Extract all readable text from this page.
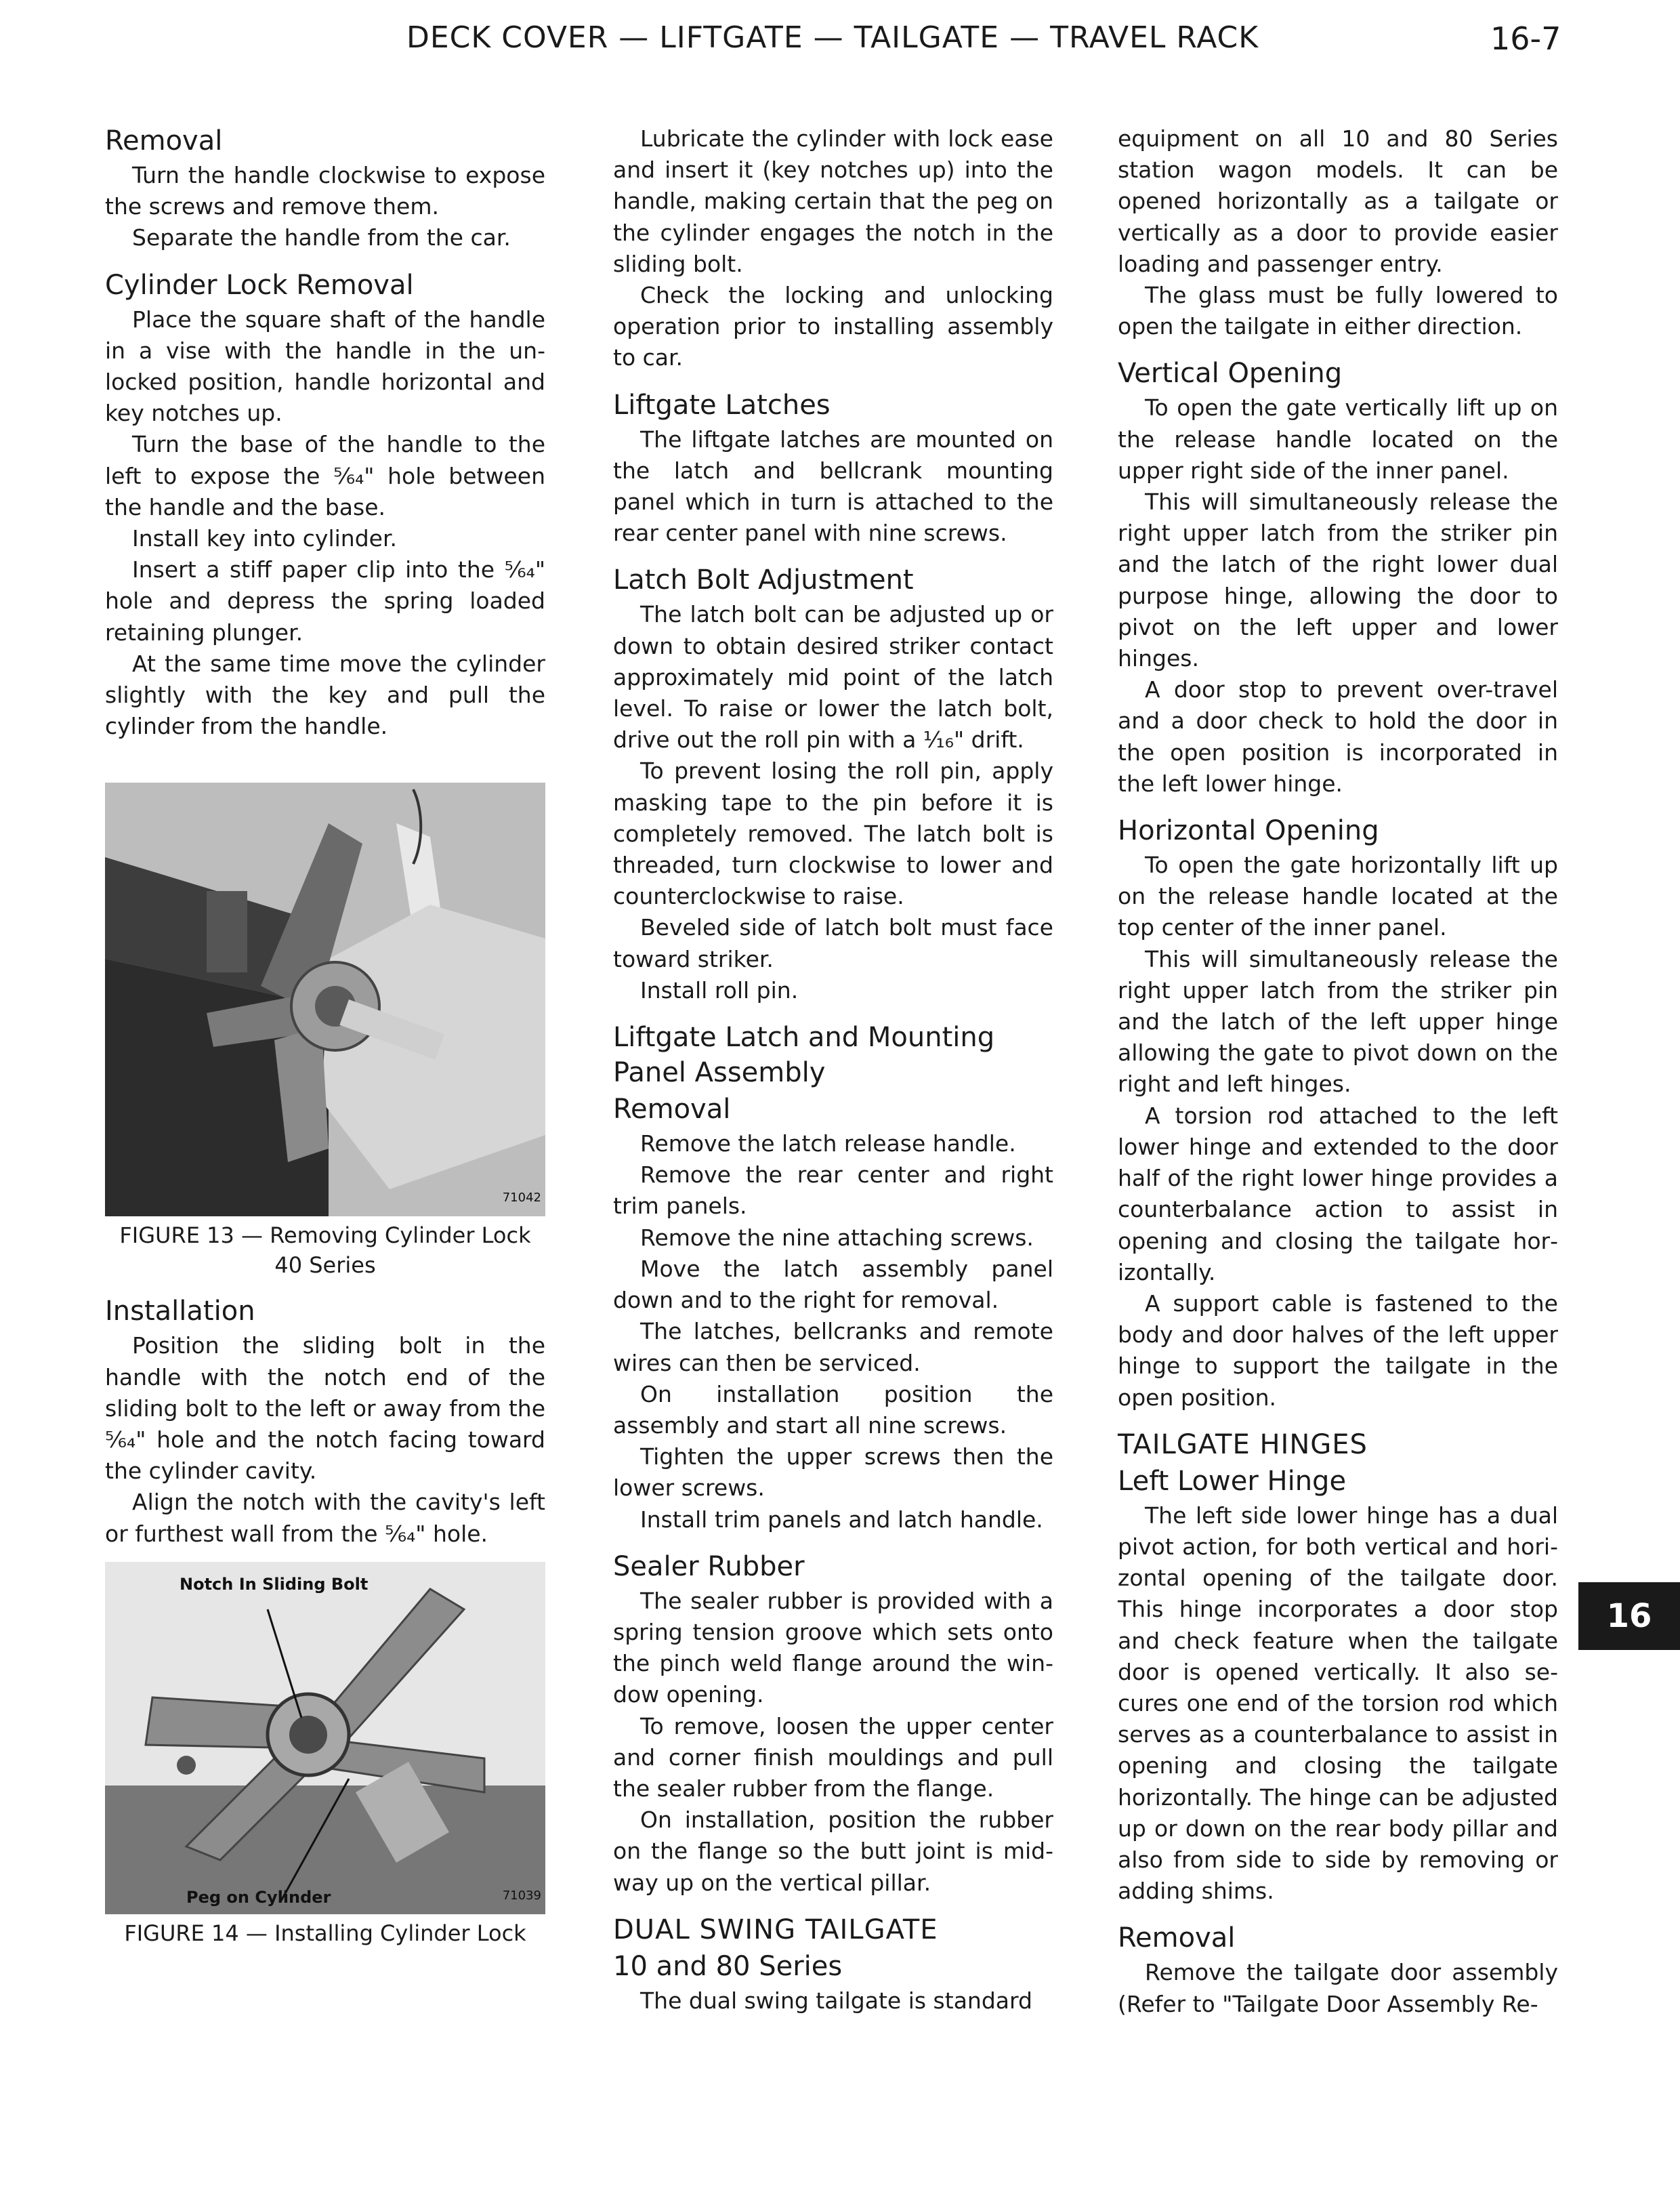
DECK COVER — LIFTGATE — TAILGATE — TRAVEL RACK	16-7
Removal

Turn the handle clockwise to expose the screws and remove them.

Separate the handle from the car.

Cylinder Lock Removal

Place the square shaft of the handle in a vise with the handle in the unlocked position, handle horizontal and key notches up.

Turn the base of the handle to the left to expose the ⁵⁄₆₄" hole between the handle and the base.

Install key into cylinder.

Insert a stiff paper clip into the ⁵⁄₆₄" hole and depress the spring loaded retaining plunger.

At the same time move the cylinder slightly with the key and pull the cylinder from the handle.

71042
FIGURE 13 — Removing Cylinder Lock
40 Series
Installation

Position the sliding bolt in the handle with the notch end of the sliding bolt to the left or away from the ⁵⁄₆₄" hole and the notch facing toward the cylinder cavity.

Align the notch with the cavity's left or furthest wall from the ⁵⁄₆₄" hole.

Notch In Sliding Bolt
Peg on Cylinder	71039
FIGURE 14 — Installing Cylinder Lock

Lubricate the cylinder with lock ease and insert it (key notches up) into the handle, making certain that the peg on the cylinder engages the notch in the sliding bolt.

Check the locking and unlocking operation prior to installing assembly to car.

Liftgate Latches

The liftgate latches are mounted on the latch and bellcrank mounting panel which in turn is attached to the rear center panel with nine screws.

Latch Bolt Adjustment

The latch bolt can be adjusted up or down to obtain desired striker contact approximately mid point of the latch level. To raise or lower the latch bolt, drive out the roll pin with a ¹⁄₁₆" drift.

To prevent losing the roll pin, apply masking tape to the pin before it is completely removed. The latch bolt is threaded, turn clockwise to lower and counterclockwise to raise.

Beveled side of latch bolt must face toward striker.

Install roll pin.

Liftgate Latch and Mounting Panel Assembly
Removal

Remove the latch release handle.

Remove the rear center and right trim panels.

Remove the nine attaching screws.

Move the latch assembly panel down and to the right for removal.

The latches, bellcranks and remote wires can then be serviced.

On installation position the assembly and start all nine screws.

Tighten the upper screws then the lower screws.

Install trim panels and latch handle.

Sealer Rubber

The sealer rubber is provided with a spring tension groove which sets onto the pinch weld flange around the window opening.

To remove, loosen the upper center and corner finish mouldings and pull the sealer rubber from the flange.

On installation, position the rubber on the flange so the butt joint is midway up on the vertical pillar.

DUAL SWING TAILGATE
10 and 80 Series

The dual swing tailgate is standard

equipment on all 10 and 80 Series station wagon models. It can be opened horizontally as a tailgate or vertically as a door to provide easier loading and passenger entry.

The glass must be fully lowered to open the tailgate in either direction.

Vertical Opening

To open the gate vertically lift up on the release handle located on the upper right side of the inner panel.

This will simultaneously release the right upper latch from the striker pin and the latch of the right lower dual purpose hinge, allowing the door to pivot on the left upper and lower hinges.

A door stop to prevent over-travel and a door check to hold the door in the open position is incorporated in the left lower hinge.

Horizontal Opening

To open the gate horizontally lift up on the release handle located at the top center of the inner panel.

This will simultaneously release the right upper latch from the striker pin and the latch of the left upper hinge allowing the gate to pivot down on the right and left hinges.

A torsion rod attached to the left lower hinge and extended to the door half of the right lower hinge provides a counterbalance action to assist in opening and closing the tailgate horizontally.

A support cable is fastened to the body and door halves of the left upper hinge to support the tailgate in the open position.

TAILGATE HINGES
Left Lower Hinge

The left side lower hinge has a dual pivot action, for both vertical and horizontal opening of the tailgate door. This hinge incorporates a door stop and check feature when the tailgate door is opened vertically. It also secures one end of the torsion rod which serves as a counterbalance to assist in opening and closing the tailgate horizontally. The hinge can be adjusted up or down on the rear body pillar and also from side to side by removing or adding shims.

Removal

Remove the tailgate door assembly (Refer to "Tailgate Door Assembly Re-

16
